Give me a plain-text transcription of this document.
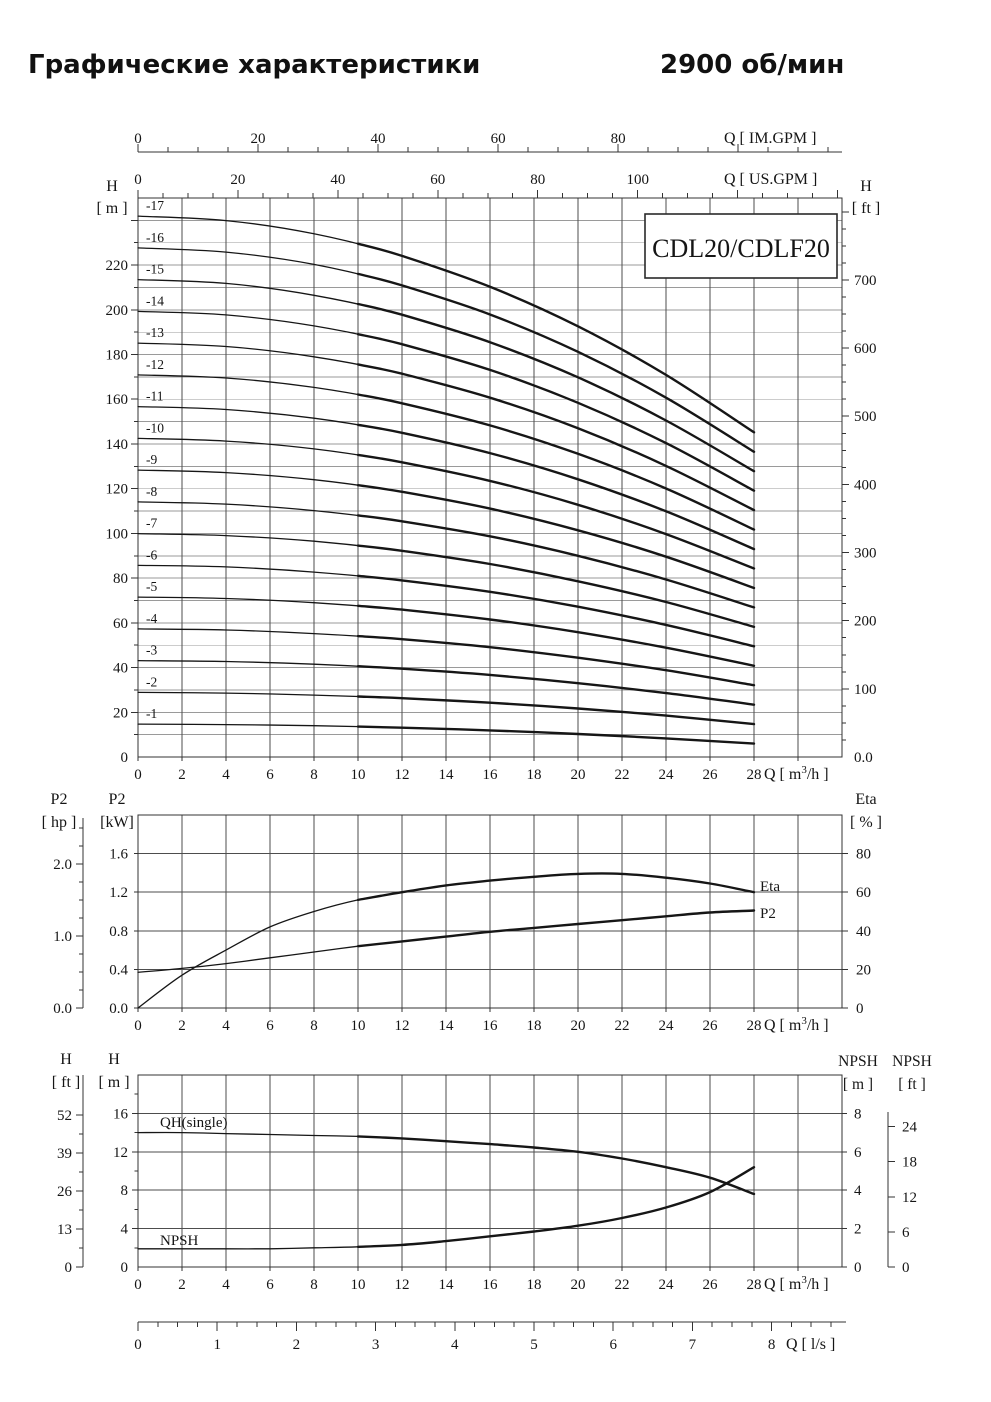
Графические характеристики	2900 об/мин
0	20	40	60	80	Q [ IM.GPM ]
0	20	40	60	80	100	Q [ US.GPM ]
0
20
40
60
80
100
120
140
160
180
200
220
H
[ m ]
0.0
100
200
300
400
500
600
700
H
[ ft ]
0 2 4 6 8 10 12 14 16 18 20 22 24 26 28 Q [ $m^3/h$ ]
-1
-2
-3
-4
-5
-6
-7
-8
-9
-10
-11
-12
-13
-14
-15
-16
-17
CDL20/CDLF20
0.0
1.0
2.0
P2
[ hp ]
0.0
0.4
0.8
1.2
1.6
P2
[kW]
0
20
40
60
80
Eta
[ % ]
0 2 4 6 8 10 12 14 16 18 20 22 24 26 28 Q [ $m^3/h$ ]
Eta
P2
0
13
26
39
52
H
[ ft ]
0
4
8
12
16
H
[ m ]
0
2
4
6
8
NPSH
[ m ]
0
6
12
18
24
NPSH
[ ft ]
0 2 4 6 8 10 12 14 16 18 20 22 24 26 28 Q [ $m^3/h$ ]
QH(single)
NPSH
0	1	2	3	4	5	6	7	8 Q [ l/s ]
